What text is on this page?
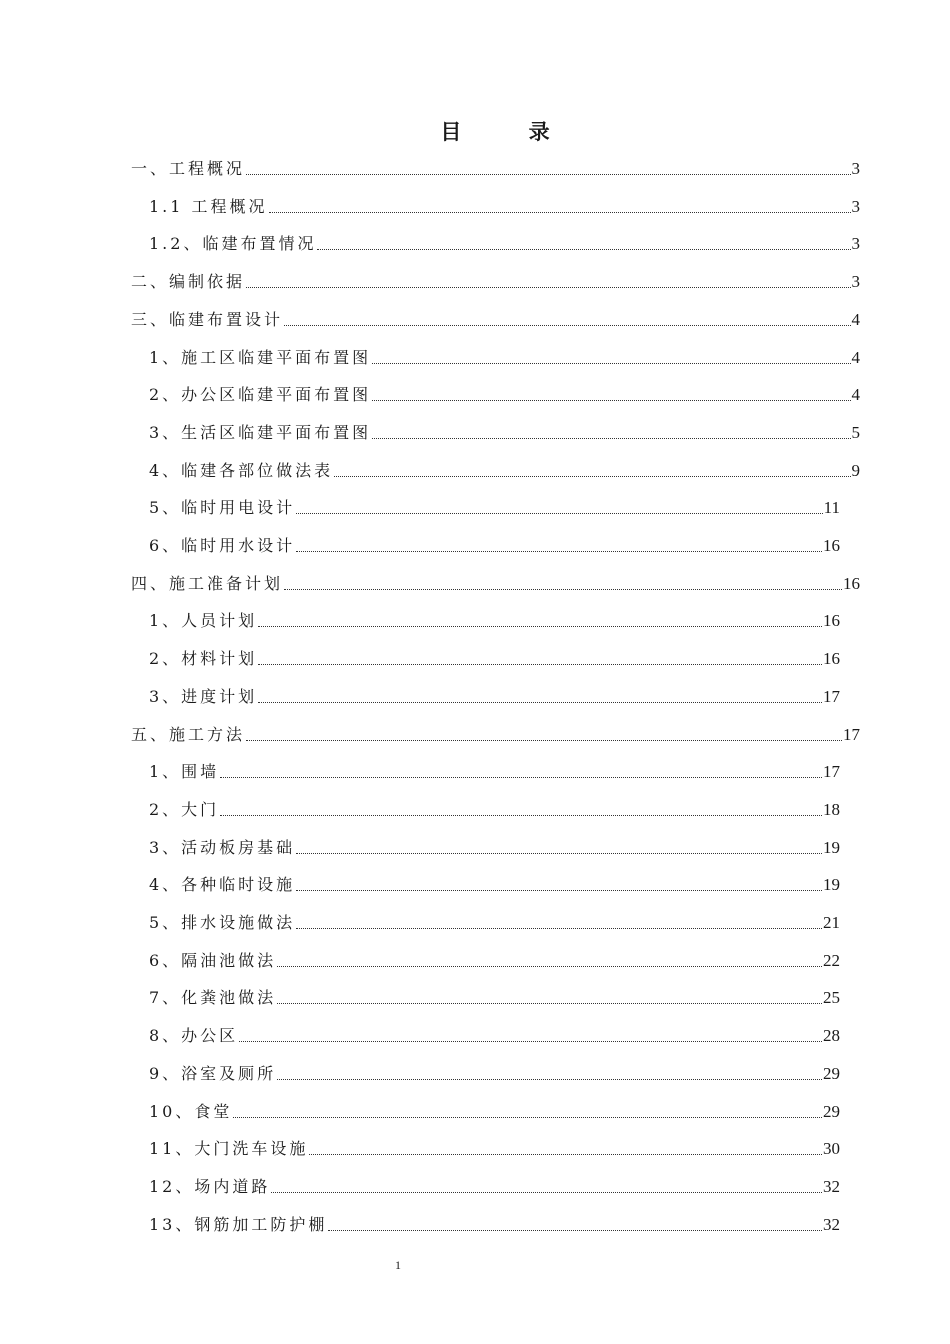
目 录
一、工程概况	3
1.1 工程概况	3
1.2、临建布置情况	3
二、编制依据	3
三、临建布置设计	4
1、施工区临建平面布置图	4
2、办公区临建平面布置图	4
3、生活区临建平面布置图	5
4、临建各部位做法表	9
5、临时用电设计	11
6、临时用水设计	16
四、施工准备计划	16
1、人员计划	16
2、材料计划	16
3、进度计划	17
五、施工方法	17
1、围墙	17
2、大门	18
3、活动板房基础	19
4、各种临时设施	19
5、排水设施做法	21
6、隔油池做法	22
7、化粪池做法	25
8、办公区	28
9、浴室及厕所	29
10、食堂	29
11、大门洗车设施	30
12、场内道路	32
13、钢筋加工防护棚	32
1
